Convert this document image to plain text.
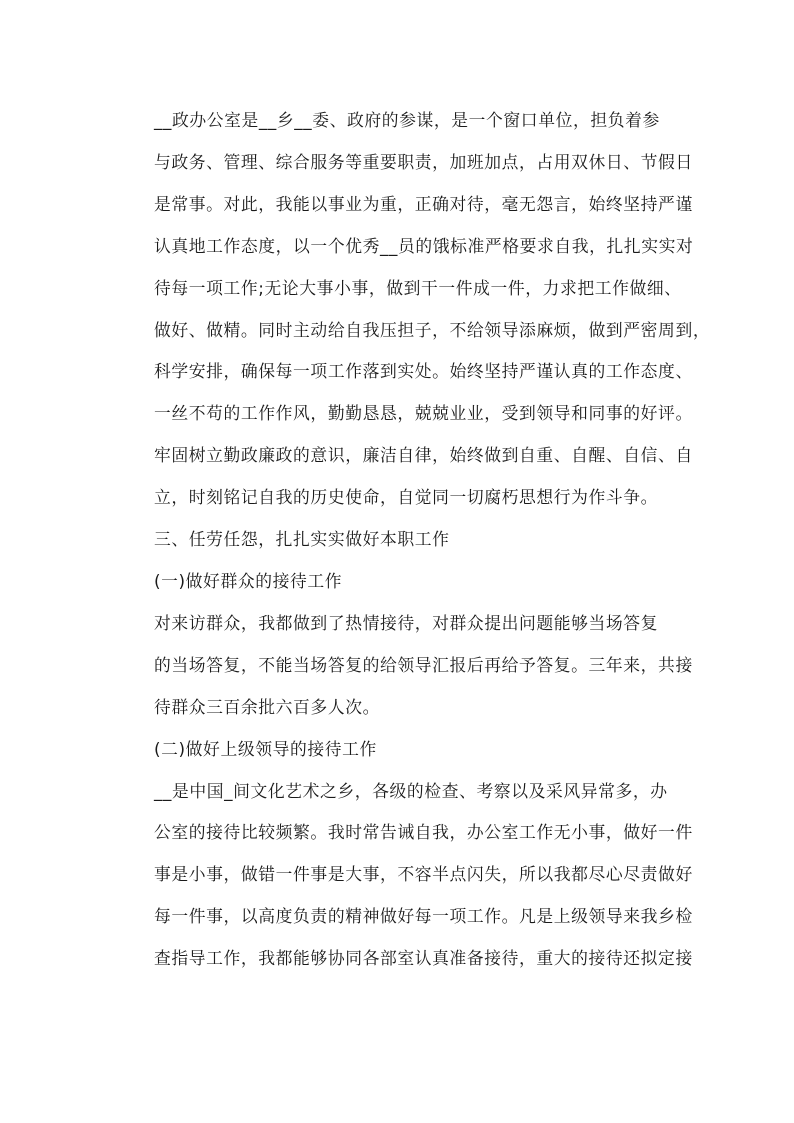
__政办公室是__乡__委、政府的参谋，是一个窗口单位，担负着参
与政务、管理、综合服务等重要职责，加班加点，占用双休日、节假日
是常事。对此，我能以事业为重，正确对待，毫无怨言，始终坚持严谨
认真地工作态度，以一个优秀__员的饿标准严格要求自我，扎扎实实对
待每一项工作;无论大事小事，做到干一件成一件，力求把工作做细、
做好、做精。同时主动给自我压担子，不给领导添麻烦，做到严密周到，
科学安排，确保每一项工作落到实处。始终坚持严谨认真的工作态度、
一丝不苟的工作作风，勤勤恳恳，兢兢业业，受到领导和同事的好评。
牢固树立勤政廉政的意识，廉洁自律，始终做到自重、自醒、自信、自
立，时刻铭记自我的历史使命，自觉同一切腐朽思想行为作斗争。

三、任劳任怨，扎扎实实做好本职工作

(一)做好群众的接待工作

对来访群众，我都做到了热情接待，对群众提出问题能够当场答复
的当场答复，不能当场答复的给领导汇报后再给予答复。三年来，共接
待群众三百余批六百多人次。

(二)做好上级领导的接待工作

__是中国_间文化艺术之乡，各级的检查、考察以及采风异常多，办
公室的接待比较频繁。我时常告诫自我，办公室工作无小事，做好一件
事是小事，做错一件事是大事，不容半点闪失，所以我都尽心尽责做好
每一件事，以高度负责的精神做好每一项工作。凡是上级领导来我乡检
查指导工作，我都能够协同各部室认真准备接待，重大的接待还拟定接
